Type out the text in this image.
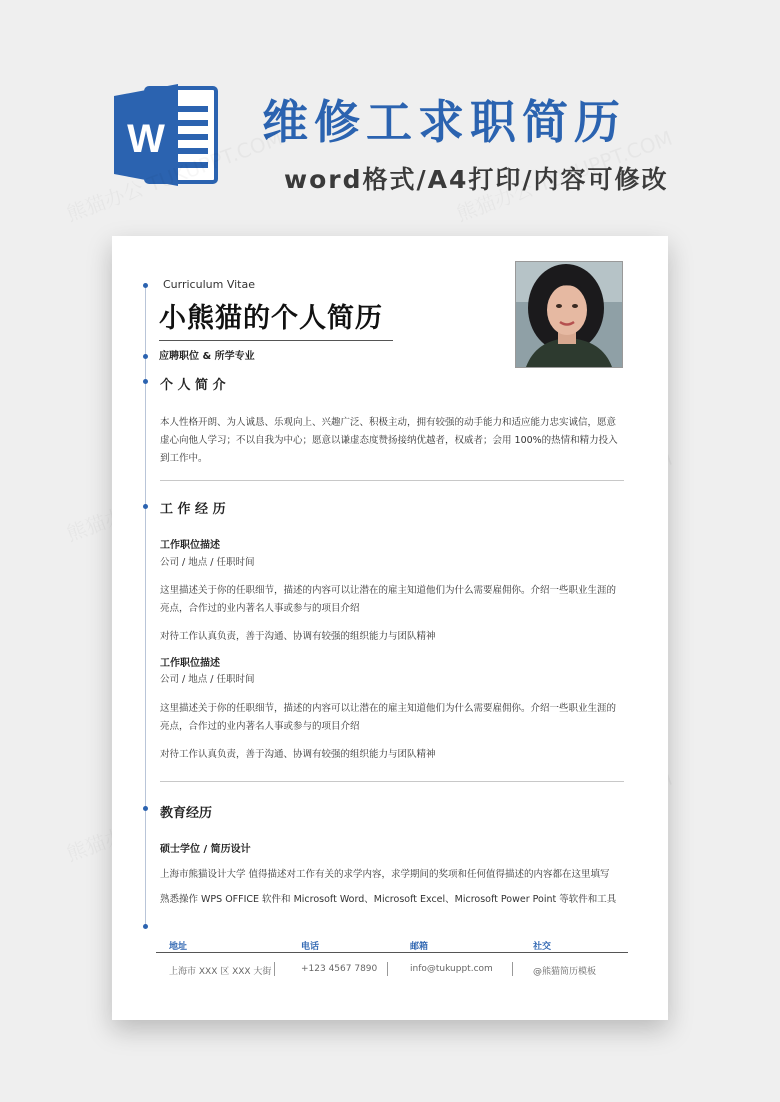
W 维修工求职简历
word格式/A4打印/内容可修改
Curriculum Vitae
小熊猫的个人简历
应聘职位 & 所学专业
个 人 简 介
本人性格开朗、为人诚恳、乐观向上、兴趣广泛、积极主动，拥有较强的动手能力和适应能力忠实诚信，愿意虚心向他人学习；不以自我为中心；愿意以谦虚态度赞扬接纳优越者，权威者；会用 100%的热情和精力投入到工作中。
工 作 经 历
工作职位描述
公司 / 地点 / 任职时间
这里描述关于你的任职细节，描述的内容可以让潜在的雇主知道他们为什么需要雇佣你。介绍一些职业生涯的亮点，合作过的业内著名人事或参与的项目介绍
对待工作认真负责，善于沟通、协调有较强的组织能力与团队精神
工作职位描述
公司 / 地点 / 任职时间
这里描述关于你的任职细节，描述的内容可以让潜在的雇主知道他们为什么需要雇佣你。介绍一些职业生涯的亮点，合作过的业内著名人事或参与的项目介绍
对待工作认真负责，善于沟通、协调有较强的组织能力与团队精神
教育经历
硕士学位 / 简历设计
上海市熊猫设计大学 值得描述对工作有关的求学内容，求学期间的奖项和任何值得描述的内容都在这里填写
熟悉操作 WPS OFFICE 软件和 Microsoft Word、Microsoft Excel、Microsoft Power Point 等软件和工具
地址	电话	邮箱	社交
上海市 XXX 区 XXX 大街	+123 4567 7890	info@tukuppt.com	@熊猫简历模板
